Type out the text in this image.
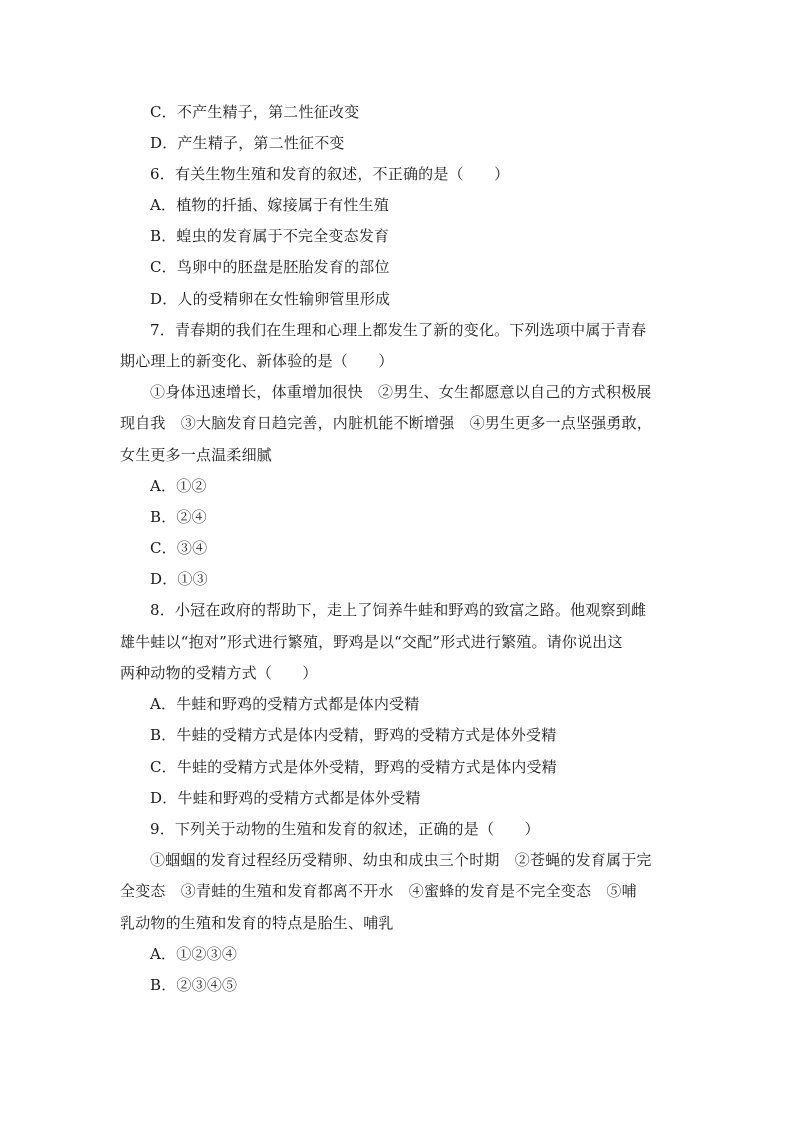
C．不产生精子，第二性征改变
D．产生精子，第二性征不变
6．有关生物生殖和发育的叙述，不正确的是（　　）
A．植物的扦插、嫁接属于有性生殖
B．蝗虫的发育属于不完全变态发育
C．鸟卵中的胚盘是胚胎发育的部位
D．人的受精卵在女性输卵管里形成
7．青春期的我们在生理和心理上都发生了新的变化。下列选项中属于青春
期心理上的新变化、新体验的是（　　）
①身体迅速增长，体重增加很快　②男生、女生都愿意以自己的方式积极展
现自我　③大脑发育日趋完善，内脏机能不断增强　④男生更多一点坚强勇敢，
女生更多一点温柔细腻
A．①②
B．②④
C．③④
D．①③
8．小冠在政府的帮助下，走上了饲养牛蛙和野鸡的致富之路。他观察到雌
雄牛蛙以“抱对”形式进行繁殖，野鸡是以“交配”形式进行繁殖。请你说出这
两种动物的受精方式（　　）
A．牛蛙和野鸡的受精方式都是体内受精
B．牛蛙的受精方式是体内受精，野鸡的受精方式是体外受精
C．牛蛙的受精方式是体外受精，野鸡的受精方式是体内受精
D．牛蛙和野鸡的受精方式都是体外受精
9．下列关于动物的生殖和发育的叙述，正确的是（　　）
①蝈蝈的发育过程经历受精卵、幼虫和成虫三个时期　②苍蝇的发育属于完
全变态　③青蛙的生殖和发育都离不开水　④蜜蜂的发育是不完全变态　⑤哺
乳动物的生殖和发育的特点是胎生、哺乳
A．①②③④
B．②③④⑤
